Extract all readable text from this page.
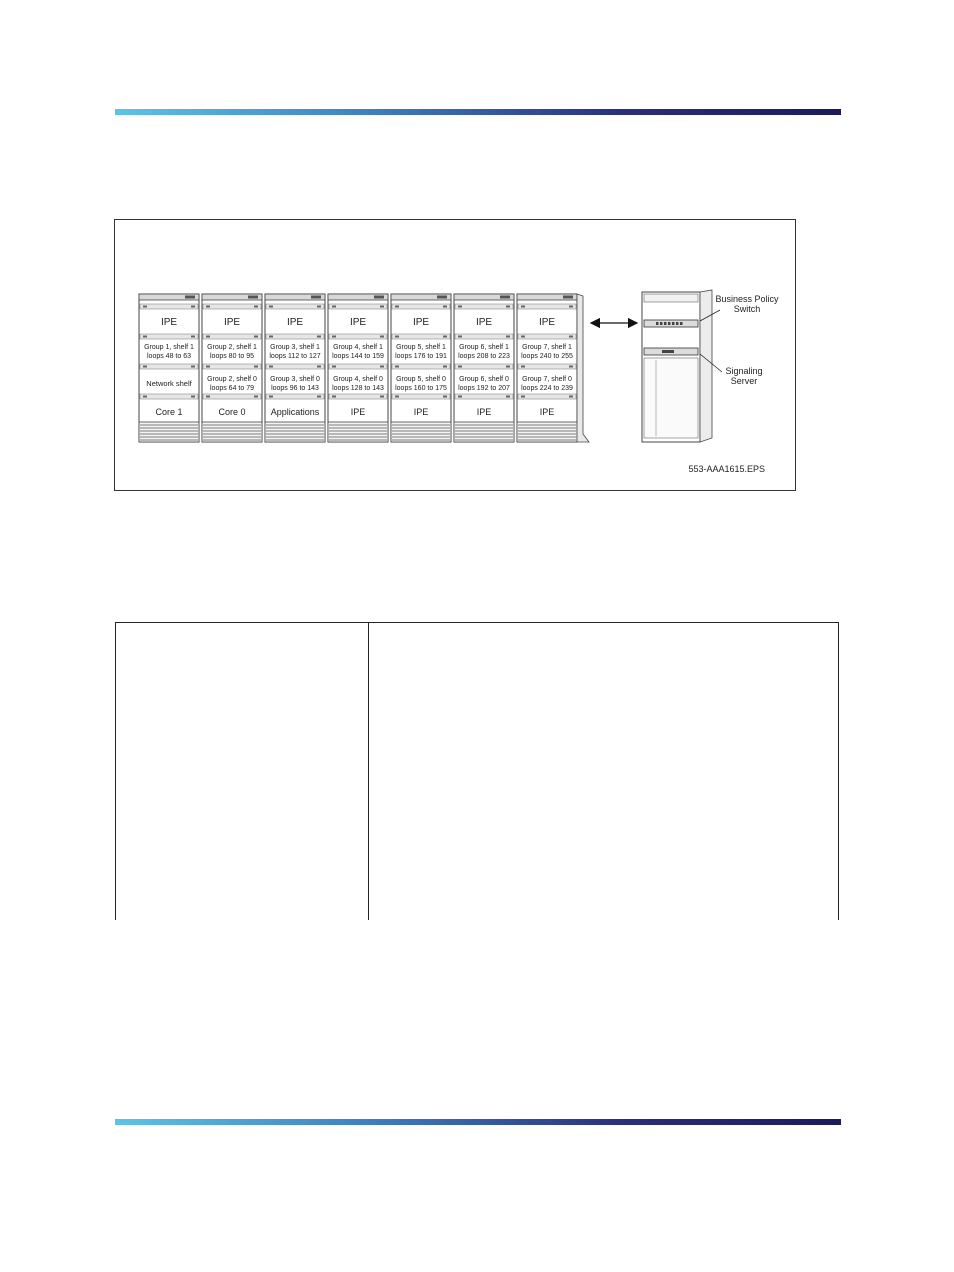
IPE
Group 1, shelf 1
loops 48 to 63
Network shelf
Core 1
IPE
Group 2, shelf 1
loops 80 to 95
Group 2, shelf 0
loops 64 to 79
Core 0
IPE
Group 3, shelf 1
loops 112 to 127
Group 3, shelf 0
loops 96 to 143
Applications
IPE
Group 4, shelf 1
loops 144 to 159
Group 4, shelf 0
loops 128 to 143
IPE
IPE
Group 5, shelf 1
loops 176 to 191
Group 5, shelf 0
loops 160 to 175
IPE
IPE
Group 6, shelf 1
loops 208 to 223
Group 6, shelf 0
loops 192 to 207
IPE
IPE
Group 7, shelf 1
loops 240 to 255
Group 7, shelf 0
loops 224 to 239
IPE
Business Policy
Switch
Signaling
Server
553-AAA1615.EPS
